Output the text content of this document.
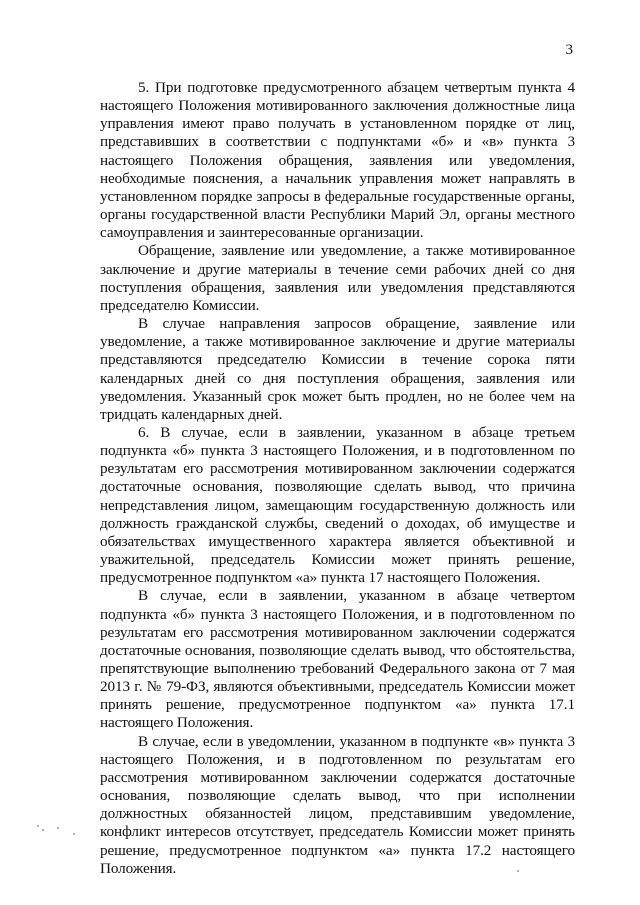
3

5. При подготовке предусмотренного абзацем четвертым пункта 4 настоящего Положения мотивированного заключения должностные лица управления имеют право получать в установленном порядке от лиц, представивших в соответствии с подпунктами «б» и «в» пункта 3 настоящего Положения обращения, заявления или уведомления, необходимые пояснения, а начальник управления может направлять в установленном порядке запросы в федеральные государственные органы, органы государственной власти Республики Марий Эл, органы местного самоуправления и заинтересованные организации.

Обращение, заявление или уведомление, а также мотивированное заключение и другие материалы в течение семи рабочих дней со дня поступления обращения, заявления или уведомления представляются председателю Комиссии.

В случае направления запросов обращение, заявление или уведомление, а также мотивированное заключение и другие материалы представляются председателю Комиссии в течение сорока пяти календарных дней со дня поступления обращения, заявления или уведомления. Указанный срок может быть продлен, но не более чем на тридцать календарных дней.

6. В случае, если в заявлении, указанном в абзаце третьем подпункта «б» пункта 3 настоящего Положения, и в подготовленном по результатам его рассмотрения мотивированном заключении содержатся достаточные основания, позволяющие сделать вывод, что причина непредставления лицом, замещающим государственную должность или должность гражданской службы, сведений о доходах, об имуществе и обязательствах имущественного характера является объективной и уважительной, председатель Комиссии может принять решение, предусмотренное подпунктом «а» пункта 17 настоящего Положения.

В случае, если в заявлении, указанном в абзаце четвертом подпункта «б» пункта 3 настоящего Положения, и в подготовленном по результатам его рассмотрения мотивированном заключении содержатся достаточные основания, позволяющие сделать вывод, что обстоятельства, препятствующие выполнению требований Федерального закона от 7 мая 2013 г. № 79-ФЗ, являются объективными, председатель Комиссии может принять решение, предусмотренное подпунктом «а» пункта 17.1 настоящего Положения.

В случае, если в уведомлении, указанном в подпункте «в» пункта 3 настоящего Положения, и в подготовленном по результатам его рассмотрения мотивированном заключении содержатся достаточные основания, позволяющие сделать вывод, что при исполнении должностных обязанностей лицом, представившим уведомление, конфликт интересов отсутствует, председатель Комиссии может принять решение, предусмотренное подпунктом «а» пункта 17.2 настоящего Положения.
